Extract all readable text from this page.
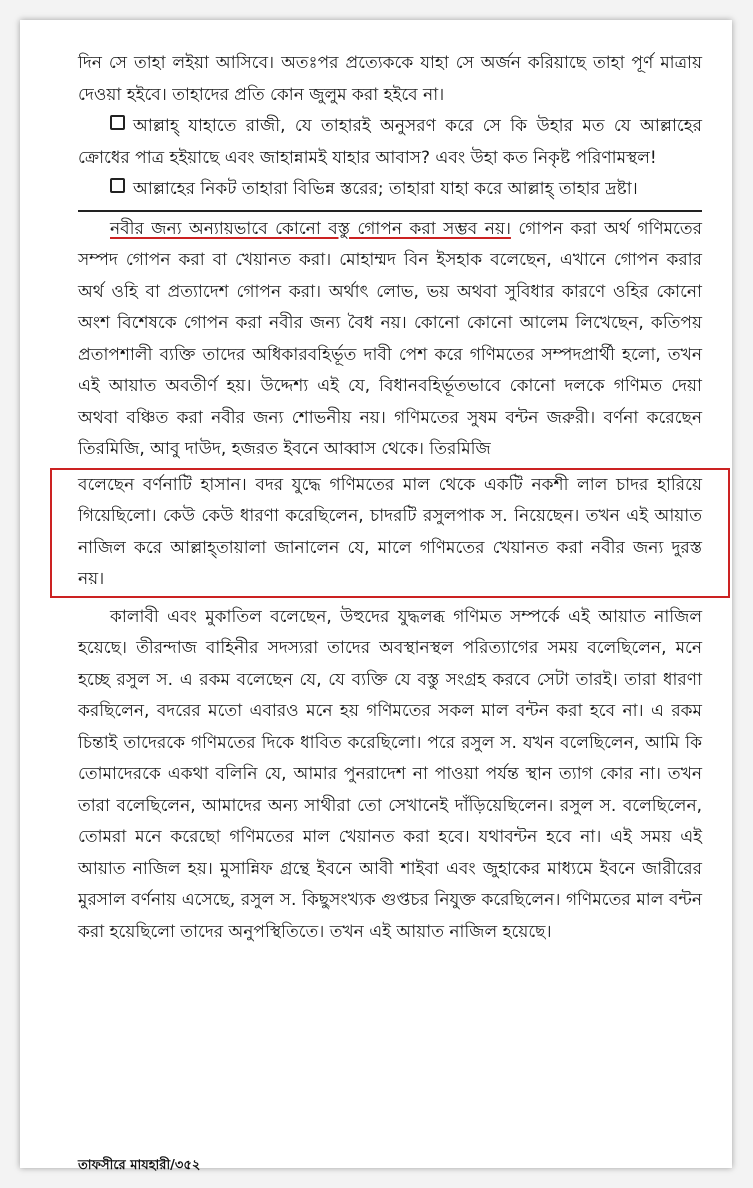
দিন সে তাহা লইয়া আসিবে। অতঃপর প্রত্যেককে যাহা সে অর্জন করিয়াছে তাহা পূর্ণ মাত্রায় দেওয়া হইবে। তাহাদের প্রতি কোন জুলুম করা হইবে না।

আল্লাহ্ যাহাতে রাজী, যে তাহারই অনুসরণ করে সে কি উহার মত যে আল্লাহের ক্রোধের পাত্র হইয়াছে এবং জাহান্নামই যাহার আবাস? এবং উহা কত নিকৃষ্ট পরিণামস্থল!

আল্লাহের নিকট তাহারা বিভিন্ন স্তরের; তাহারা যাহা করে আল্লাহ্ তাহার দ্রষ্টা।

নবীর জন্য অন্যায়ভাবে কোনো বস্তু গোপন করা সম্ভব নয়। গোপন করা অর্থ গণিমতের সম্পদ গোপন করা বা খেয়ানত করা। মোহাম্মদ বিন ইসহাক বলেছেন, এখানে গোপন করার অর্থ ওহি বা প্রত্যাদেশ গোপন করা। অর্থাৎ লোভ, ভয় অথবা সুবিধার কারণে ওহির কোনো অংশ বিশেষকে গোপন করা নবীর জন্য বৈধ নয়। কোনো কোনো আলেম লিখেছেন, কতিপয় প্রতাপশালী ব্যক্তি তাদের অধিকারবহির্ভূত দাবী পেশ করে গণিমতের সম্পদপ্রার্থী হলো, তখন এই আয়াত অবতীর্ণ হয়। উদ্দেশ্য এই যে, বিধানবহির্ভূতভাবে কোনো দলকে গণিমত দেয়া অথবা বঞ্চিত করা নবীর জন্য শোভনীয় নয়। গণিমতের সুষম বন্টন জরুরী। বর্ণনা করেছেন তিরমিজি, আবু দাউদ, হজরত ইবনে আব্বাস থেকে। তিরমিজি

বলেছেন বর্ণনাটি হাসান। বদর যুদ্ধে গণিমতের মাল থেকে একটি নকশী লাল চাদর হারিয়ে গিয়েছিলো। কেউ কেউ ধারণা করেছিলেন, চাদরটি রসুলপাক স. নিয়েছেন। তখন এই আয়াত নাজিল করে আল্লাহ্তায়ালা জানালেন যে, মালে গণিমতের খেয়ানত করা নবীর জন্য দুরস্ত নয়।

কালাবী এবং মুকাতিল বলেছেন, উহুদের যুদ্ধলব্ধ গণিমত সম্পর্কে এই আয়াত নাজিল হয়েছে। তীরন্দাজ বাহিনীর সদস্যরা তাদের অবস্থানস্থল পরিত্যাগের সময় বলেছিলেন, মনে হচ্ছে রসুল স. এ রকম বলেছেন যে, যে ব্যক্তি যে বস্তু সংগ্রহ করবে সেটা তারই। তারা ধারণা করছিলেন, বদরের মতো এবারও মনে হয় গণিমতের সকল মাল বন্টন করা হবে না। এ রকম চিন্তাই তাদেরকে গণিমতের দিকে ধাবিত করেছিলো। পরে রসুল স. যখন বলেছিলেন, আমি কি তোমাদেরকে একথা বলিনি যে, আমার পুনরাদেশ না পাওয়া পর্যন্ত স্থান ত্যাগ কোর না। তখন তারা বলেছিলেন, আমাদের অন্য সাথীরা তো সেখানেই দাঁড়িয়েছিলেন। রসুল স. বলেছিলেন, তোমরা মনে করেছো গণিমতের মাল খেয়ানত করা হবে। যথাবন্টন হবে না। এই সময় এই আয়াত নাজিল হয়। মুসান্নিফ গ্রন্থে ইবনে আবী শাইবা এবং জুহাকের মাধ্যমে ইবনে জারীরের মুরসাল বর্ণনায় এসেছে, রসুল স. কিছুসংখ্যক গুপ্তচর নিযুক্ত করেছিলেন। গণিমতের মাল বন্টন করা হয়েছিলো তাদের অনুপস্থিতিতে। তখন এই আয়াত নাজিল হয়েছে।

তাফসীরে মাযহারী/৩৫২
